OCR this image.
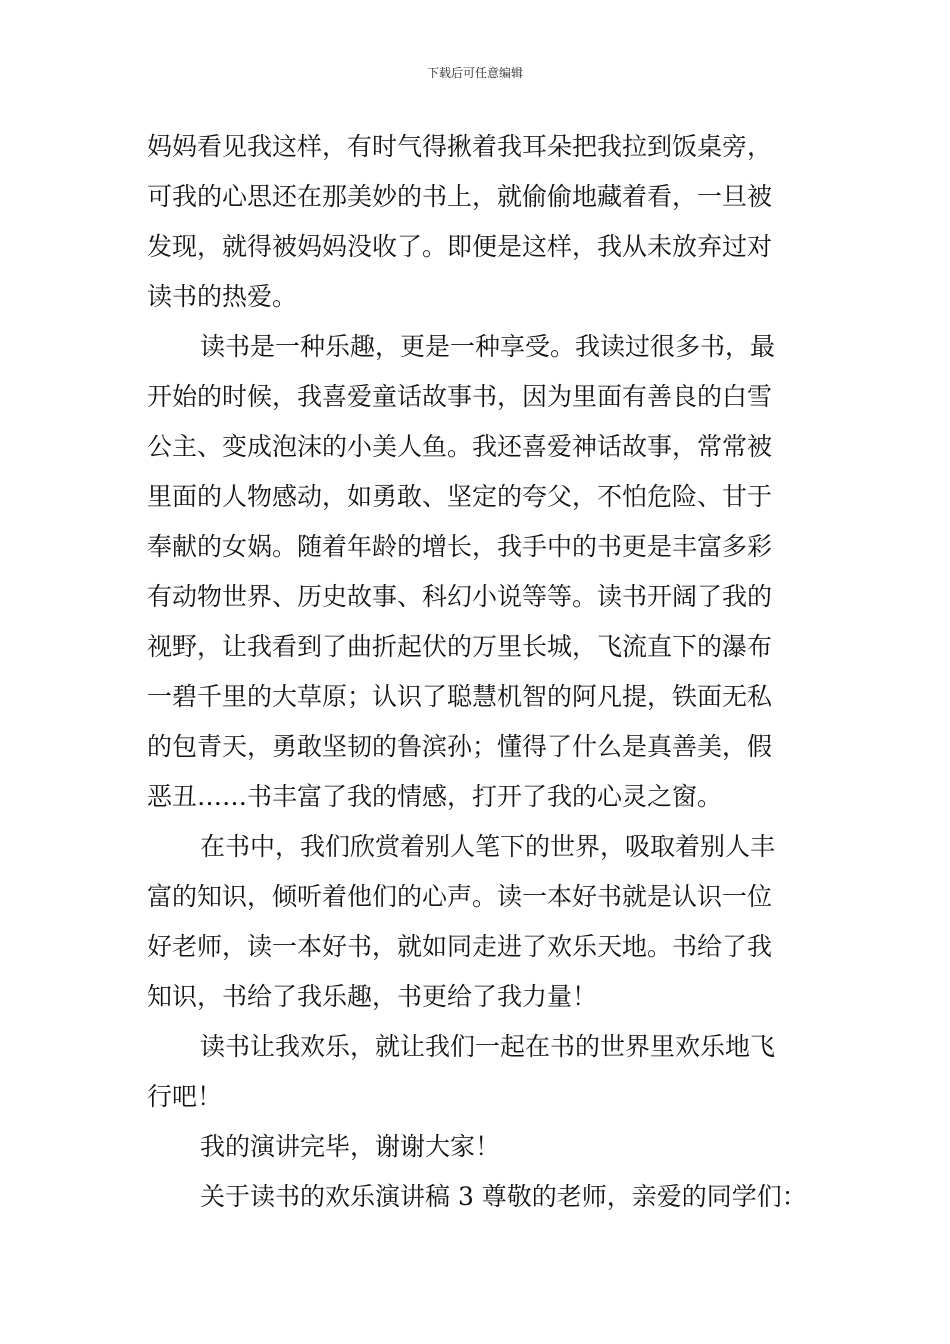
下载后可任意编辑
妈妈看见我这样，有时气得揪着我耳朵把我拉到饭桌旁，
可我的心思还在那美妙的书上，就偷偷地藏着看，一旦被
发现，就得被妈妈没收了。即便是这样，我从未放弃过对
读书的热爱。
读书是一种乐趣，更是一种享受。我读过很多书，最
开始的时候，我喜爱童话故事书，因为里面有善良的白雪
公主、变成泡沫的小美人鱼。我还喜爱神话故事，常常被
里面的人物感动，如勇敢、坚定的夸父，不怕危险、甘于
奉献的女娲。随着年龄的增长，我手中的书更是丰富多彩
有动物世界、历史故事、科幻小说等等。读书开阔了我的
视野，让我看到了曲折起伏的万里长城，飞流直下的瀑布
一碧千里的大草原；认识了聪慧机智的阿凡提，铁面无私
的包青天，勇敢坚韧的鲁滨孙；懂得了什么是真善美，假
恶丑……书丰富了我的情感，打开了我的心灵之窗。
在书中，我们欣赏着别人笔下的世界，吸取着别人丰
富的知识，倾听着他们的心声。读一本好书就是认识一位
好老师，读一本好书，就如同走进了欢乐天地。书给了我
知识，书给了我乐趣，书更给了我力量！
读书让我欢乐，就让我们一起在书的世界里欢乐地飞
行吧！
我的演讲完毕，谢谢大家！
关于读书的欢乐演讲稿 3 尊敬的老师，亲爱的同学们：
